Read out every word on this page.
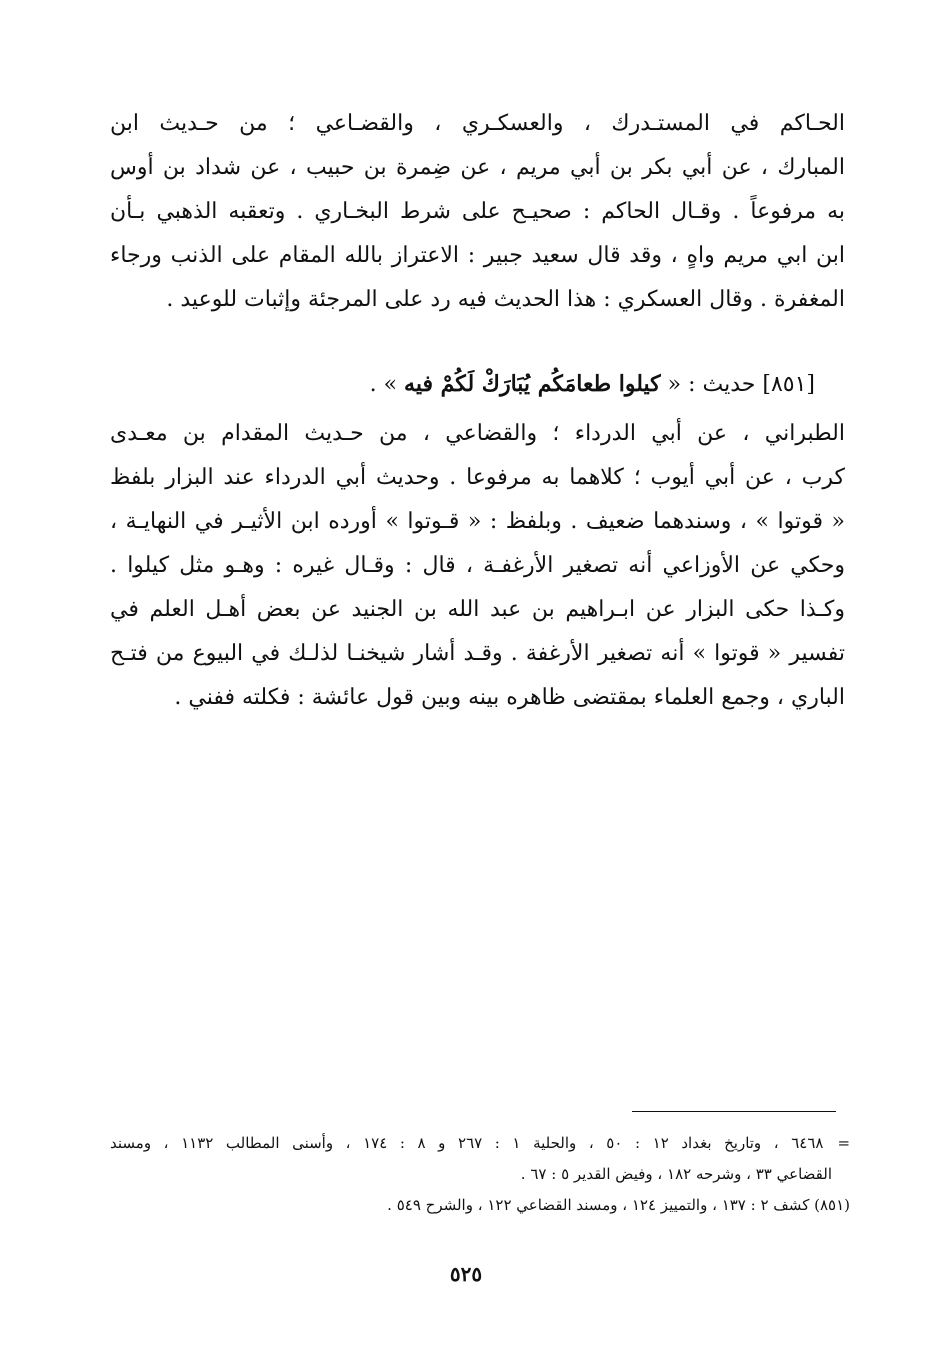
الحـاكم في المستـدرك ، والعسكـري ، والقضـاعي ؛ من حـديث ابن
المبارك ، عن أبي بكر بن أبي مريم ، عن ضِمرة بن حبيب ، عن شداد بن أوس
به مرفوعاً . وقـال الحاكم : صحيـح على شرط البخـاري . وتعقبه الذهبي بـأن
ابن ابي مريم واهٍ ، وقد قال سعيد جبير : الاعتراز بالله المقام على الذنب ورجاء
المغفرة . وقال العسكري : هذا الحديث فيه رد على المرجئة وإثبات للوعيد .
[٨٥١] حديث : « كيلوا طعامَكُم يُبَارَكْ لَكُمْ فيه » .
الطبراني ، عن أبي الدرداء ؛ والقضاعي ، من حـديث المقدام بن معـدى
كرب ، عن أبي أيوب ؛ كلاهما به مرفوعا . وحديث أبي الدرداء عند البزار بلفظ
« قوتوا » ، وسندهما ضعيف . وبلفظ : « قـوتوا » أورده ابن الأثيـر في النهايـة ،
وحكي عن الأوزاعي أنه تصغير الأرغفـة ، قال : وقـال غيره : وهـو مثل كيلوا .
وكـذا حكى البزار عن ابـراهيم بن عبد الله بن الجنيد عن بعض أهـل العلم في
تفسير « قوتوا » أنه تصغير الأرغفة . وقـد أشار شيخنـا لذلـك في البيوع من فتـح
الباري ، وجمع العلماء بمقتضى ظاهره بينه وبين قول عائشة : فكلته ففني .
=٦٤٦٨ ، وتاريخ بغداد ١٢ : ٥٠ ، والحلية ١ : ٢٦٧ و ٨ : ١٧٤ ، وأسنى المطالب ١١٣٢ ، ومسند
القضاعي ٣٣ ، وشرحه ١٨٢ ، وفيض القدير ٥ : ٦٧ .
(٨٥١) كشف ٢ : ١٣٧ ، والتمييز ١٢٤ ، ومسند القضاعي ١٢٢ ، والشرح ٥٤٩ .
٥٢٥
